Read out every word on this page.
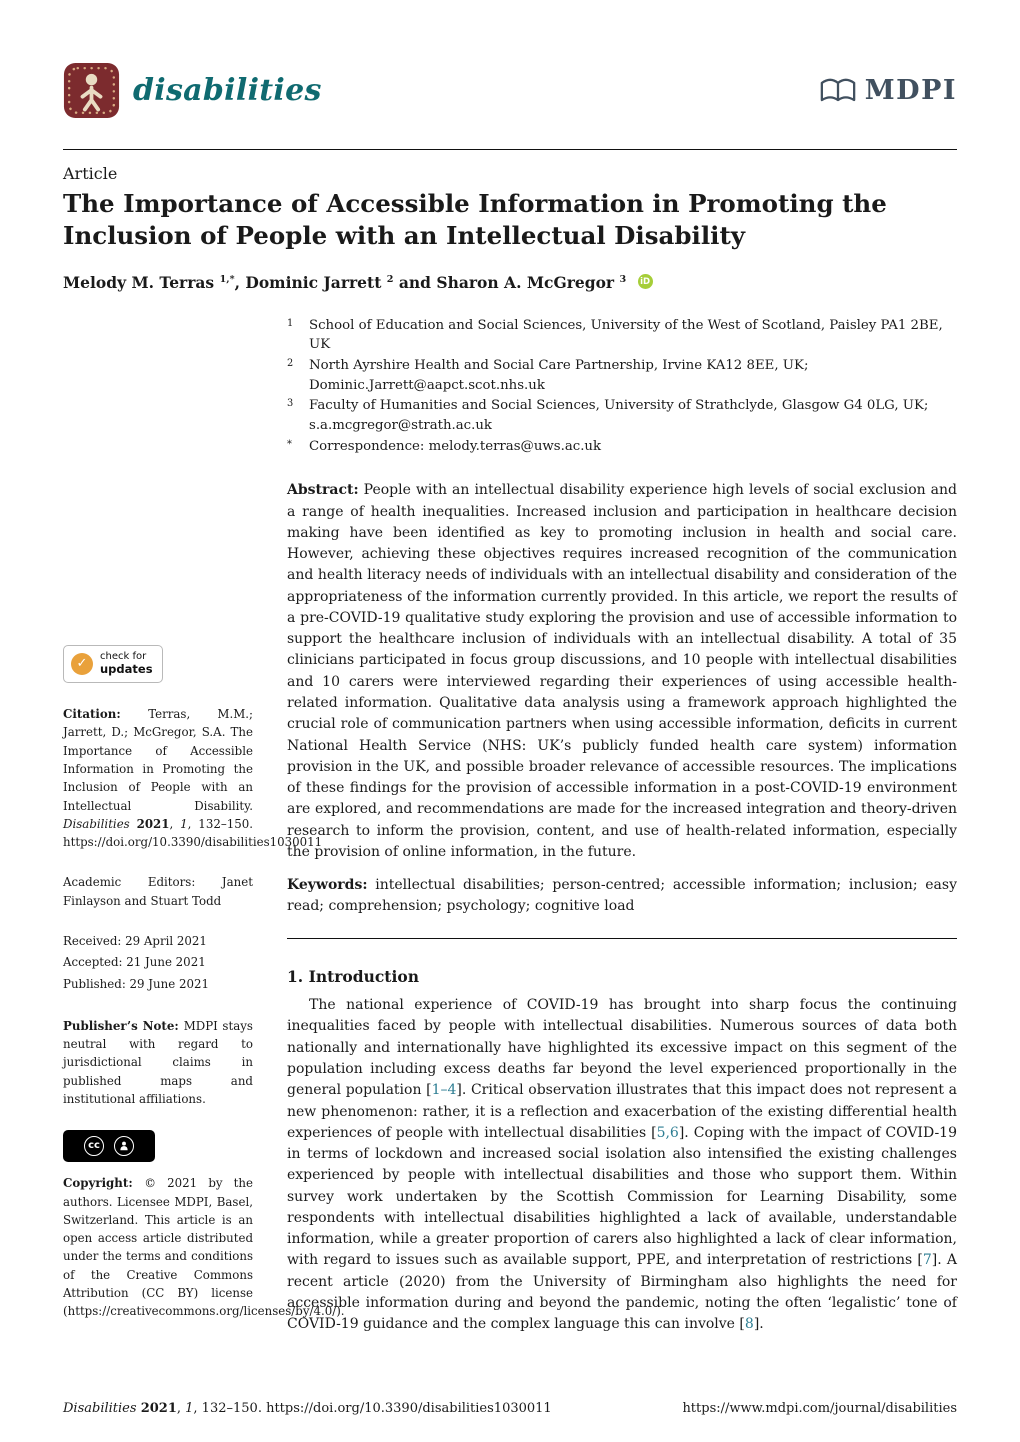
disabilities	MDPI

Article

The Importance of Accessible Information in Promoting the Inclusion of People with an Intellectual Disability

Melody M. Terras $^{1,*}$, Dominic Jarrett $^2$ and Sharon A. McGregor $^3$ iD

1	School of Education and Social Sciences, University of the West of Scotland, Paisley PA1 2BE, UK
2	North Ayrshire Health and Social Care Partnership, Irvine KA12 8EE, UK; Dominic.Jarrett@aapct.scot.nhs.uk
3	Faculty of Humanities and Social Sciences, University of Strathclyde, Glasgow G4 0LG, UK; s.a.mcgregor@strath.ac.uk
*	Correspondence: melody.terras@uws.ac.uk
✓ check for
updates

Citation: Terras, M.M.; Jarrett, D.; McGregor, S.A. The Importance of Accessible Information in Promoting the Inclusion of People with an Intellectual Disability. Disabilities 2021, 1, 132–150. https://doi.org/10.3390/disabilities1030011

Academic Editors: Janet Finlayson and Stuart Todd

Received: 29 April 2021

Accepted: 21 June 2021

Published: 29 June 2021

Publisher’s Note: MDPI stays neutral with regard to jurisdictional claims in published maps and institutional affiliations.

cc

Copyright: © 2021 by the authors. Licensee MDPI, Basel, Switzerland. This article is an open access article distributed under the terms and conditions of the Creative Commons Attribution (CC BY) license (https://creativecommons.org/licenses/by/4.0/).

Abstract: People with an intellectual disability experience high levels of social exclusion and a range of health inequalities. Increased inclusion and participation in healthcare decision making have been identified as key to promoting inclusion in health and social care. However, achieving these objectives requires increased recognition of the communication and health literacy needs of individuals with an intellectual disability and consideration of the appropriateness of the information currently provided. In this article, we report the results of a pre-COVID-19 qualitative study exploring the provision and use of accessible information to support the healthcare inclusion of individuals with an intellectual disability. A total of 35 clinicians participated in focus group discussions, and 10 people with intellectual disabilities and 10 carers were interviewed regarding their experiences of using accessible health-related information. Qualitative data analysis using a framework approach highlighted the crucial role of communication partners when using accessible information, deficits in current National Health Service (NHS: UK’s publicly funded health care system) information provision in the UK, and possible broader relevance of accessible resources. The implications of these findings for the provision of accessible information in a post-COVID-19 environment are explored, and recommendations are made for the increased integration and theory-driven research to inform the provision, content, and use of health-related information, especially the provision of online information, in the future.

Keywords: intellectual disabilities; person-centred; accessible information; inclusion; easy read; comprehension; psychology; cognitive load

1. Introduction

The national experience of COVID-19 has brought into sharp focus the continuing inequalities faced by people with intellectual disabilities. Numerous sources of data both nationally and internationally have highlighted its excessive impact on this segment of the population including excess deaths far beyond the level experienced proportionally in the general population [1–4]. Critical observation illustrates that this impact does not represent a new phenomenon: rather, it is a reflection and exacerbation of the existing differential health experiences of people with intellectual disabilities [5,6]. Coping with the impact of COVID-19 in terms of lockdown and increased social isolation also intensified the existing challenges experienced by people with intellectual disabilities and those who support them. Within survey work undertaken by the Scottish Commission for Learning Disability, some respondents with intellectual disabilities highlighted a lack of available, understandable information, while a greater proportion of carers also highlighted a lack of clear information, with regard to issues such as available support, PPE, and interpretation of restrictions [7]. A recent article (2020) from the University of Birmingham also highlights the need for accessible information during and beyond the pandemic, noting the often ‘legalistic’ tone of COVID-19 guidance and the complex language this can involve [8].

Disabilities 2021, 1, 132–150. https://doi.org/10.3390/disabilities1030011	https://www.mdpi.com/journal/disabilities
